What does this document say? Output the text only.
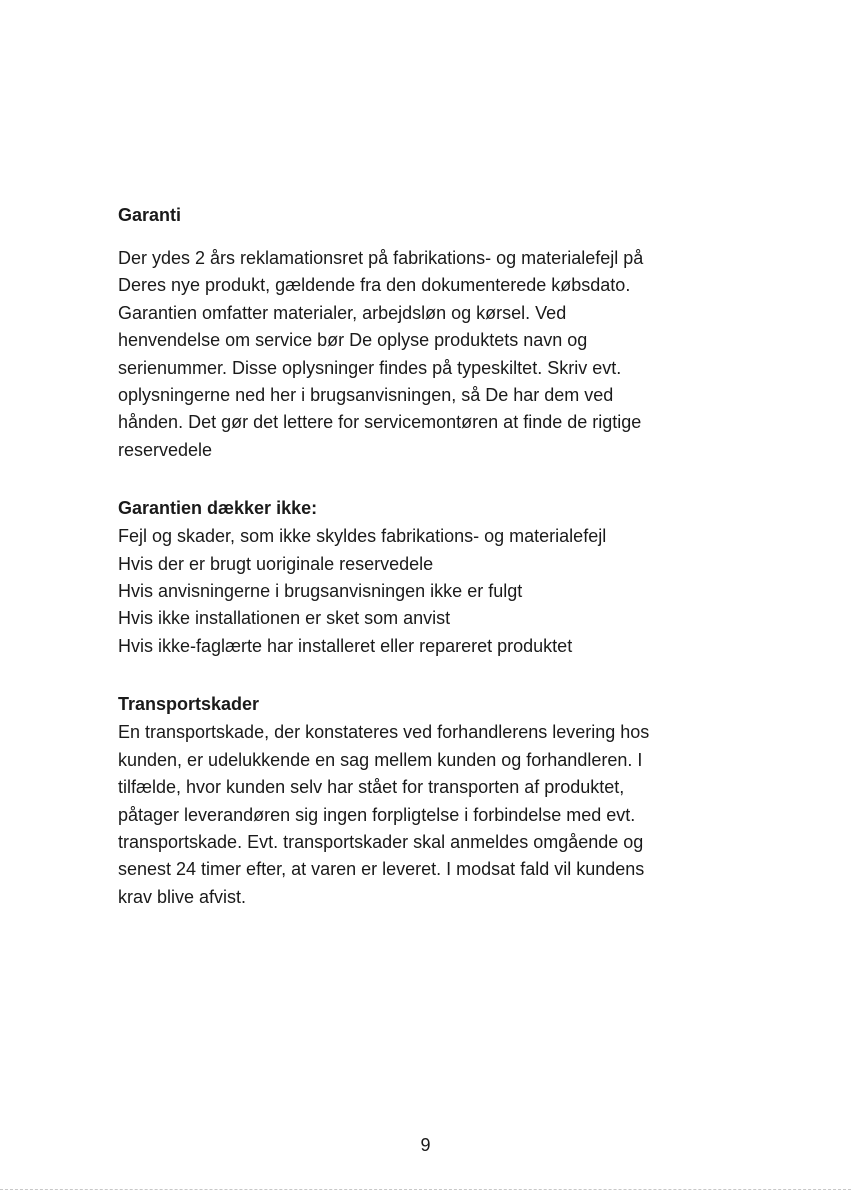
Garanti

Der ydes 2 års reklamationsret på fabrikations- og materialefejl på

Deres nye produkt, gældende fra den dokumenterede købsdato.

Garantien omfatter materialer, arbejdsløn og kørsel. Ved

henvendelse om service bør De oplyse produktets navn og

serienummer. Disse oplysninger findes på typeskiltet. Skriv evt.

oplysningerne ned her i brugsanvisningen, så De har dem ved

hånden. Det gør det lettere for servicemontøren at finde de rigtige

reservedele

Garantien dækker ikke:

Fejl og skader, som ikke skyldes fabrikations- og materialefejl

Hvis der er brugt uoriginale reservedele

Hvis anvisningerne i brugsanvisningen ikke er fulgt

Hvis ikke installationen er sket som anvist

Hvis ikke-faglærte har installeret eller repareret produktet

Transportskader

En transportskade, der konstateres ved forhandlerens levering hos

kunden, er udelukkende en sag mellem kunden og forhandleren. I

tilfælde, hvor kunden selv har stået for transporten af produktet,

påtager leverandøren sig ingen forpligtelse i forbindelse med evt.

transportskade. Evt. transportskader skal anmeldes omgående og

senest 24 timer efter, at varen er leveret. I modsat fald vil kundens

krav blive afvist.

9
